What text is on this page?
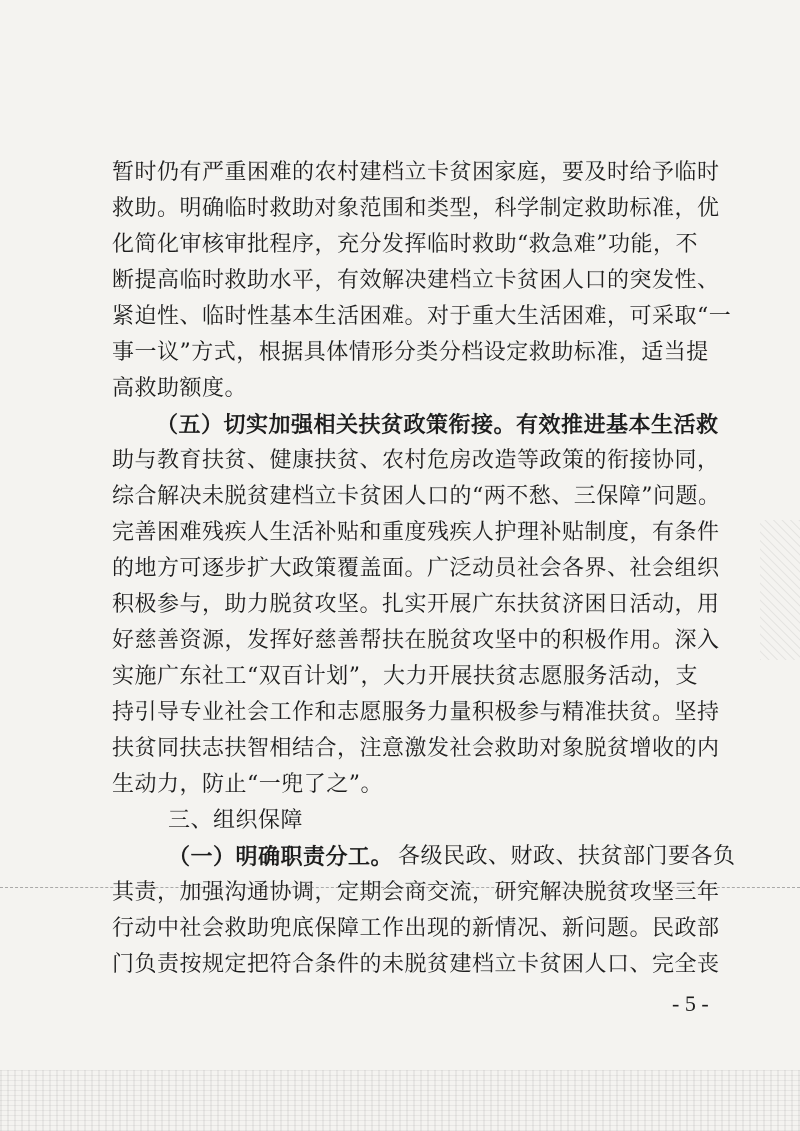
暂时仍有严重困难的农村建档立卡贫困家庭，要及时给予临时
救助。明确临时救助对象范围和类型，科学制定救助标准，优
化简化审核审批程序，充分发挥临时救助“救急难”功能，不
断提高临时救助水平，有效解决建档立卡贫困人口的突发性、
紧迫性、临时性基本生活困难。对于重大生活困难，可采取“一
事一议”方式，根据具体情形分类分档设定救助标准，适当提
高救助额度。
（五）切实加强相关扶贫政策衔接。有效推进基本生活救
助与教育扶贫、健康扶贫、农村危房改造等政策的衔接协同，
综合解决未脱贫建档立卡贫困人口的“两不愁、三保障”问题。
完善困难残疾人生活补贴和重度残疾人护理补贴制度，有条件
的地方可逐步扩大政策覆盖面。广泛动员社会各界、社会组织
积极参与，助力脱贫攻坚。扎实开展广东扶贫济困日活动，用
好慈善资源，发挥好慈善帮扶在脱贫攻坚中的积极作用。深入
实施广东社工“双百计划”，大力开展扶贫志愿服务活动，支
持引导专业社会工作和志愿服务力量积极参与精准扶贫。坚持
扶贫同扶志扶智相结合，注意激发社会救助对象脱贫增收的内
生动力，防止“一兜了之”。
三、组织保障
（一）明确职责分工。 各级民政、财政、扶贫部门要各负
其责，加强沟通协调，定期会商交流，研究解决脱贫攻坚三年
行动中社会救助兜底保障工作出现的新情况、新问题。民政部
门负责按规定把符合条件的未脱贫建档立卡贫困人口、完全丧
- 5 -
